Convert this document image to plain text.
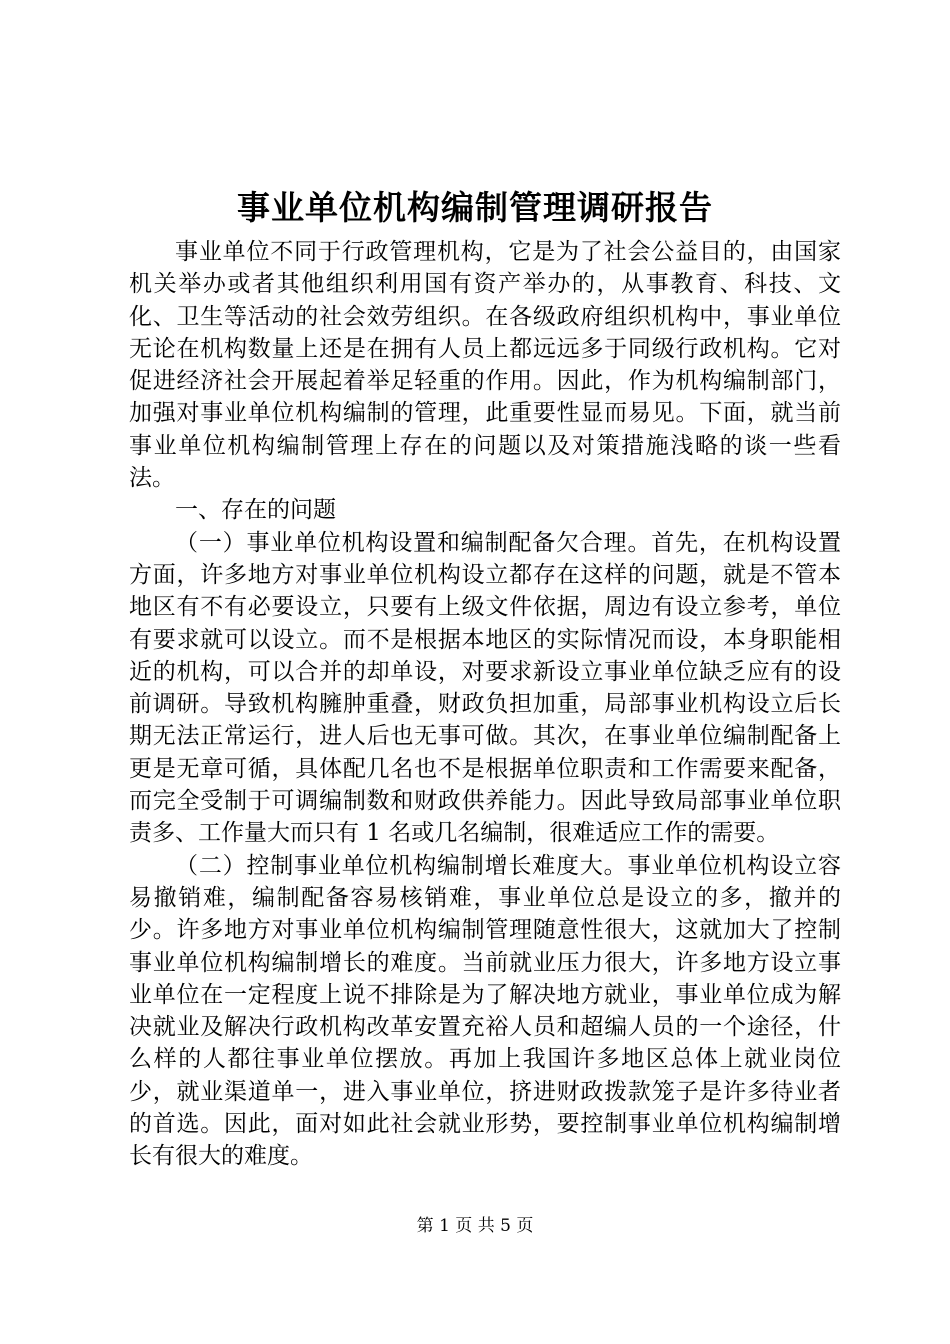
事业单位机构编制管理调研报告

事业单位不同于行政管理机构，它是为了社会公益目的，由国家机关举办或者其他组织利用国有资产举办的，从事教育、科技、文化、卫生等活动的社会效劳组织。在各级政府组织机构中，事业单位无论在机构数量上还是在拥有人员上都远远多于同级行政机构。它对促进经济社会开展起着举足轻重的作用。因此，作为机构编制部门，加强对事业单位机构编制的管理，此重要性显而易见。下面，就当前事业单位机构编制管理上存在的问题以及对策措施浅略的谈一些看法。

一、存在的问题

（一）事业单位机构设置和编制配备欠合理。首先，在机构设置方面，许多地方对事业单位机构设立都存在这样的问题，就是不管本地区有不有必要设立，只要有上级文件依据，周边有设立参考，单位有要求就可以设立。而不是根据本地区的实际情况而设，本身职能相近的机构，可以合并的却单设，对要求新设立事业单位缺乏应有的设前调研。导致机构臃肿重叠，财政负担加重，局部事业机构设立后长期无法正常运行，进人后也无事可做。其次，在事业单位编制配备上更是无章可循，具体配几名也不是根据单位职责和工作需要来配备，而完全受制于可调编制数和财政供养能力。因此导致局部事业单位职责多、工作量大而只有 1 名或几名编制，很难适应工作的需要。

（二）控制事业单位机构编制增长难度大。事业单位机构设立容易撤销难，编制配备容易核销难，事业单位总是设立的多，撤并的少。许多地方对事业单位机构编制管理随意性很大，这就加大了控制事业单位机构编制增长的难度。当前就业压力很大，许多地方设立事业单位在一定程度上说不排除是为了解决地方就业，事业单位成为解决就业及解决行政机构改革安置充裕人员和超编人员的一个途径，什么样的人都往事业单位摆放。再加上我国许多地区总体上就业岗位少，就业渠道单一，进入事业单位，挤进财政拨款笼子是许多待业者的首选。因此，面对如此社会就业形势，要控制事业单位机构编制增长有很大的难度。

第 1 页 共 5 页
